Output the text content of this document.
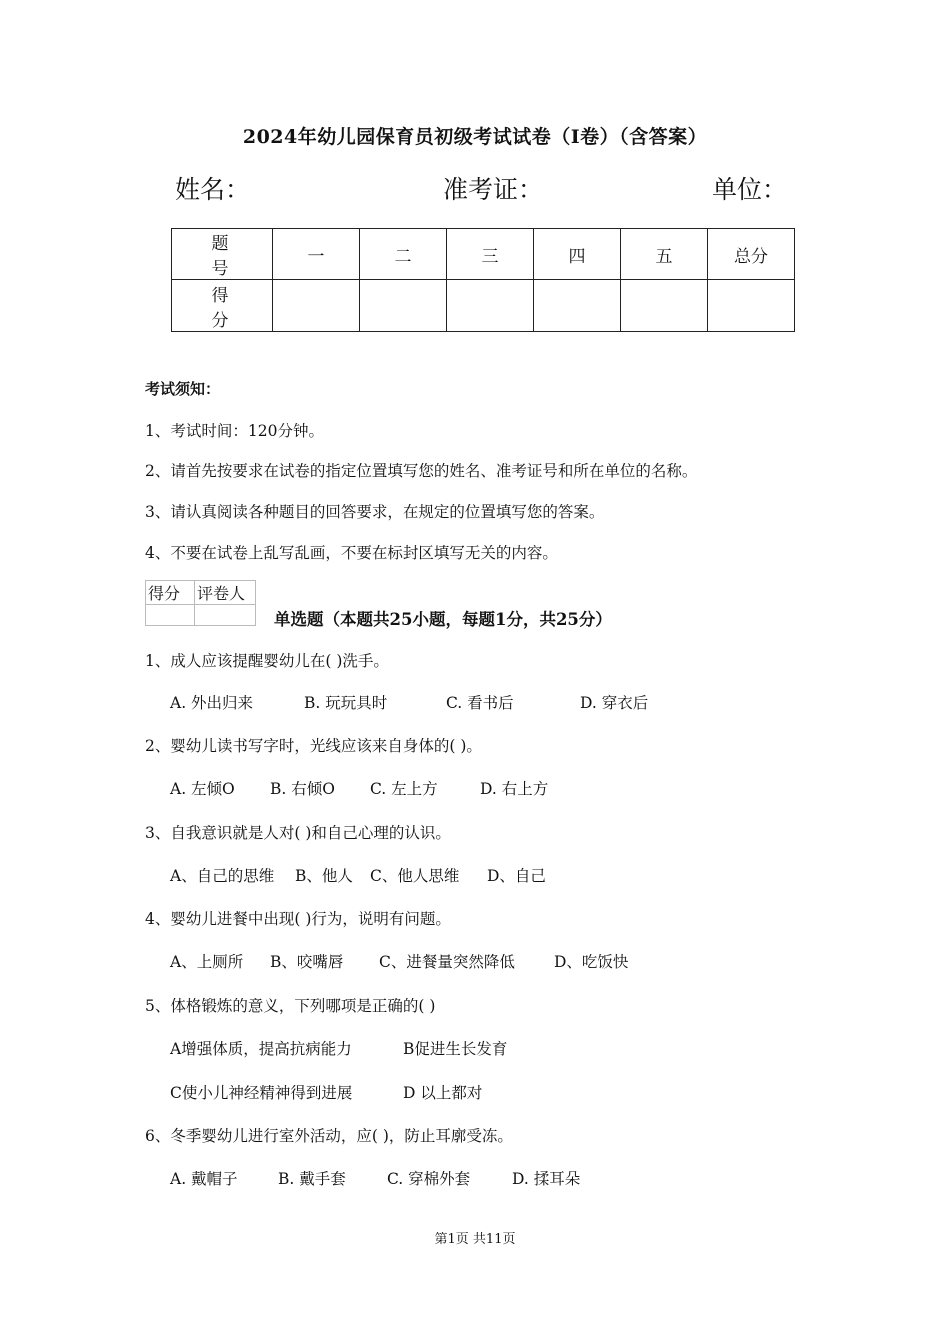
2024年幼儿园保育员初级考试试卷（I卷）（含答案）
姓名：	准考证：	单位：
题 号	一	二	三	四	五	总分
得 分						
考试须知：
1、考试时间：120分钟。
2、请首先按要求在试卷的指定位置填写您的姓名、准考证号和所在单位的名称。
3、请认真阅读各种题目的回答要求，在规定的位置填写您的答案。
4、不要在试卷上乱写乱画，不要在标封区填写无关的内容。
得分	评卷人

单选题（本题共25小题，每题1分，共25分）
1、成人应该提醒婴幼儿在( )洗手。
A. 外出归来	B. 玩玩具时	C. 看书后	D. 穿衣后
2、婴幼儿读书写字时，光线应该来自身体的( )。
A. 左倾O B. 右倾O C. 左上方	D. 右上方
3、自我意识就是人对( )和自己心理的认识。
A、自己的思维 B、他人 C、他人思维 D、自己
4、婴幼儿进餐中出现( )行为，说明有问题。
A、上厕所 B、咬嘴唇 C、进餐量突然降低	D、吃饭快
5、体格锻炼的意义，下列哪项是正确的( )
A增强体质，提高抗病能力	B促进生长发育
C使小儿神经精神得到进展	D 以上都对
6、冬季婴幼儿进行室外活动，应( )，防止耳廓受冻。
A. 戴帽子	B. 戴手套	C. 穿棉外套	D. 揉耳朵
第1页 共11页
